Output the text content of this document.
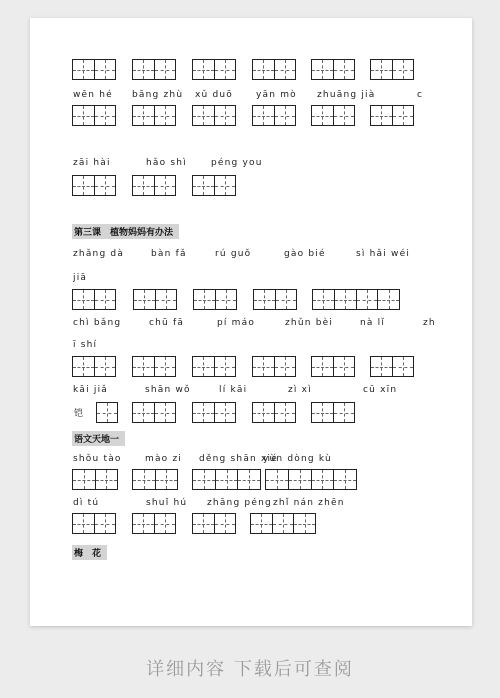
wēn hé bāng zhù xǔ duō	yān mò zhuāng jià	c
zāi hài	hǎo shì	péng you
第三课　植物妈妈有办法
zhǎng dà	bàn fǎ	rú guǒ	gào bié	sì hǎi wéi
jiā
chì bǎng	chū fā	pí máo	zhǔn bèi	nà lǐ	zh
ī shí
kāi jiǎ	shān wǒ	lí kāi	zì xì	cū xīn
铠
语文天地一
shǒu tào	mào zi děng shān xié
yùn dòng kù
dì tú	shuǐ hú zhāng péng zhǐ nán zhēn
梅　花
详细内容 下载后可查阅
